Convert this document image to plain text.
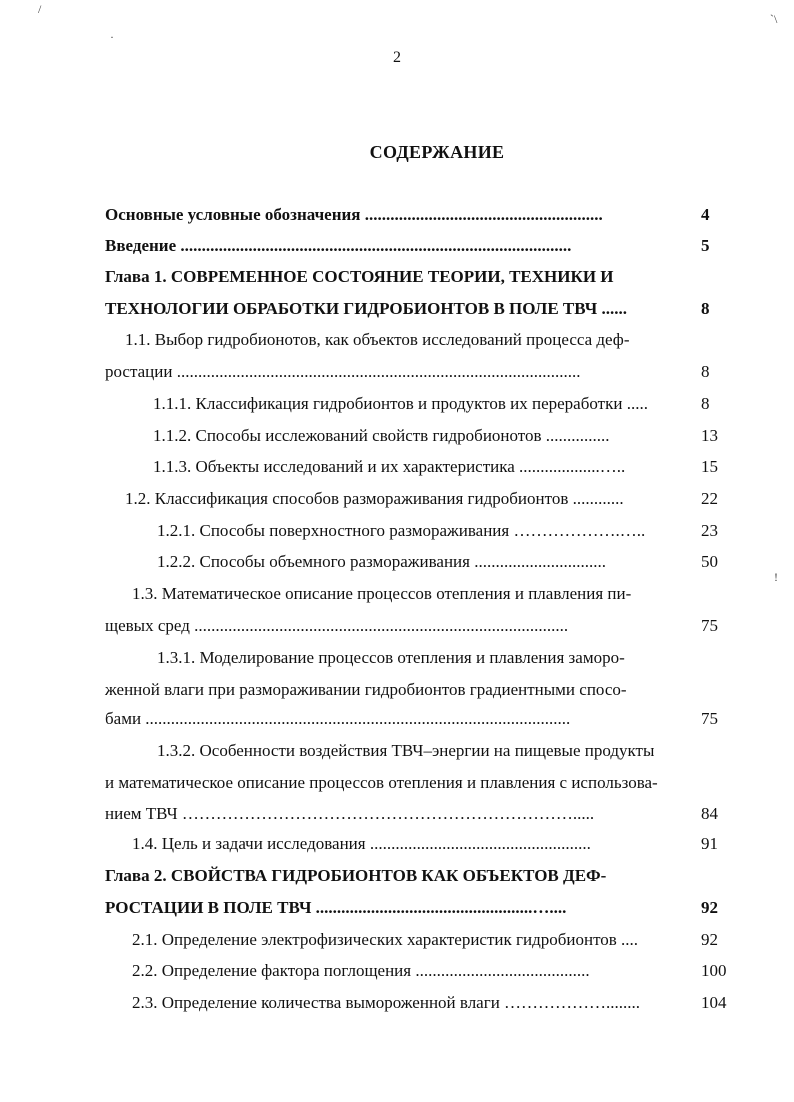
/
`\
·
!
2
СОДЕРЖАНИЕ
Основные условные обозначения ........................................................	4
Введение ............................................................................................	5
Глава 1. СОВРЕМЕННОЕ СОСТОЯНИЕ ТЕОРИИ, ТЕХНИКИ И
ТЕХНОЛОГИИ ОБРАБОТКИ ГИДРОБИОНТОВ В ПОЛЕ ТВЧ ......	8
1.1. Выбор гидробионотов, как объектов исследований процесса деф-
ростации ...............................................................................................	8
1.1.1. Классификация гидробионтов и продуктов их переработки .....	8
1.1.2. Способы исслежований свойств гидробионотов ...............	13
1.1.3. Объекты исследований и их характеристика ...................…..	15
1.2. Классификация способов размораживания гидробионтов ............	22
1.2.1. Способы поверхностного размораживания ……………….…..	23
1.2.2. Способы объемного размораживания ...............................	50
1.3. Математическое описание процессов отепления и плавления пи-
щевых сред ........................................................................................	75
1.3.1. Моделирование процессов отепления и плавления заморо-
женной влаги при размораживании гидробионтов градиентными спосо-
бами ....................................................................................................	75
1.3.2. Особенности воздействия ТВЧ–энергии на пищевые продукты
и математическое описание процессов отепления и плавления с использова-
нием ТВЧ …………………………………………………………….....	84
1.4. Цель и задачи исследования ....................................................	91
Глава 2. СВОЙСТВА ГИДРОБИОНТОВ КАК ОБЪЕКТОВ ДЕФ-
РОСТАЦИИ В ПОЛЕ ТВЧ ...................................................…....	92
2.1. Определение электрофизических характеристик гидробионтов ....	92
2.2. Определение фактора поглощения .........................................	100
2.3. Определение количества вымороженной влаги ………………........	104
